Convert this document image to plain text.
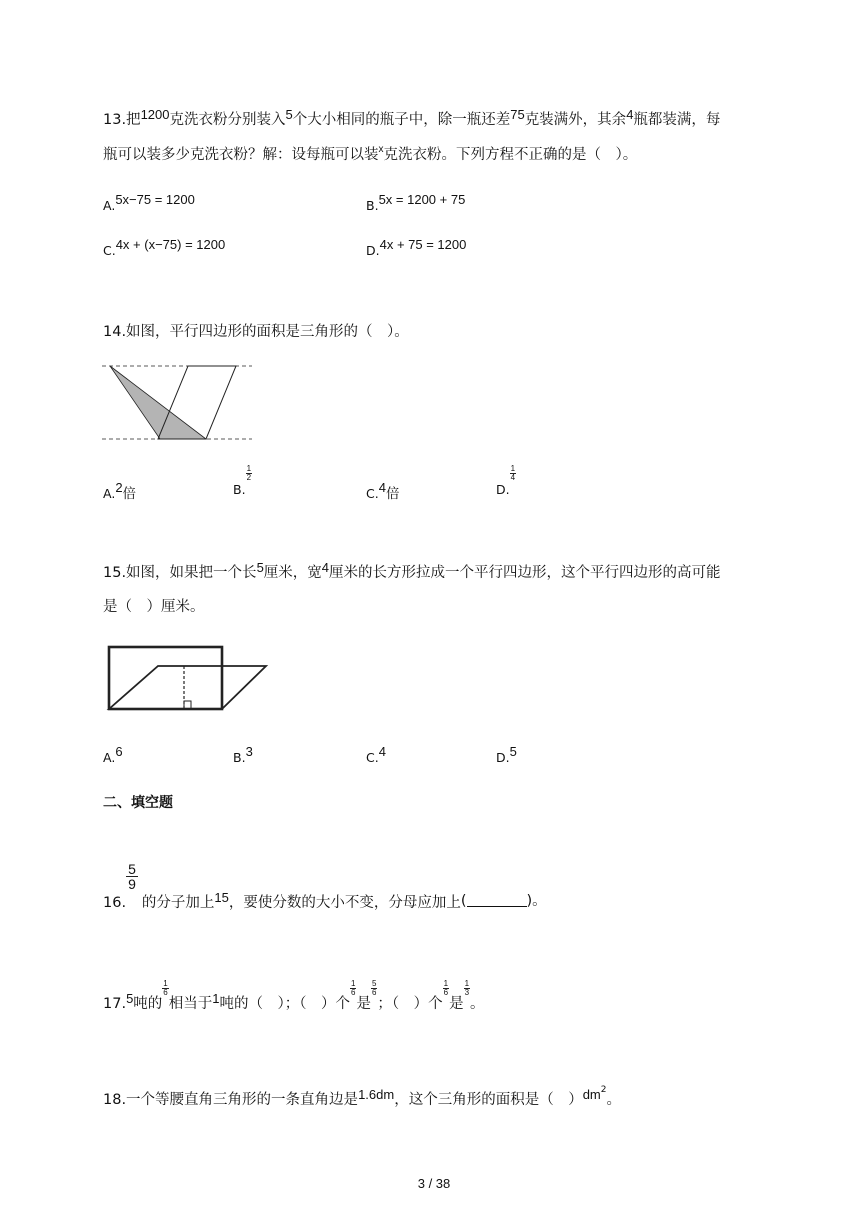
13.把1200克洗衣粉分别装入5个大小相同的瓶子中，除一瓶还差75克装满外，其余4瓶都装满，每
瓶可以装多少克洗衣粉？解：设每瓶可以装$^x$克洗衣粉。下列方程不正确的是（　）。
A.5x−75 = 1200	B.5x = 1200 + 75
C.4x + (x−75) = 1200	D.4x + 75 = 1200
14.如图，平行四边形的面积是三角形的（　）。
A.2倍	B.
$\frac{1}{2}$
C.4倍	D.
$\frac{1}{4}$
15.如图，如果把一个长5厘米，宽4厘米的长方形拉成一个平行四边形，这个平行四边形的高可能
是（　）厘米。
A.6	B.3	C.4	D.5
二、填空题
16.
$\frac{5}{9}$
的分子加上15，要使分数的大小不变，分母应加上(	)。
17.5吨的
$\frac{1}{6}$
相当于1吨的（　）；（　）个
$\frac{1}{6}$
是
$\frac{5}{6}$
；（　）个
$\frac{1}{6}$
是
$\frac{1}{3}$
。
18.一个等腰直角三角形的一条直角边是1.6dm，这个三角形的面积是（　）$dm^2$。
3 / 38
